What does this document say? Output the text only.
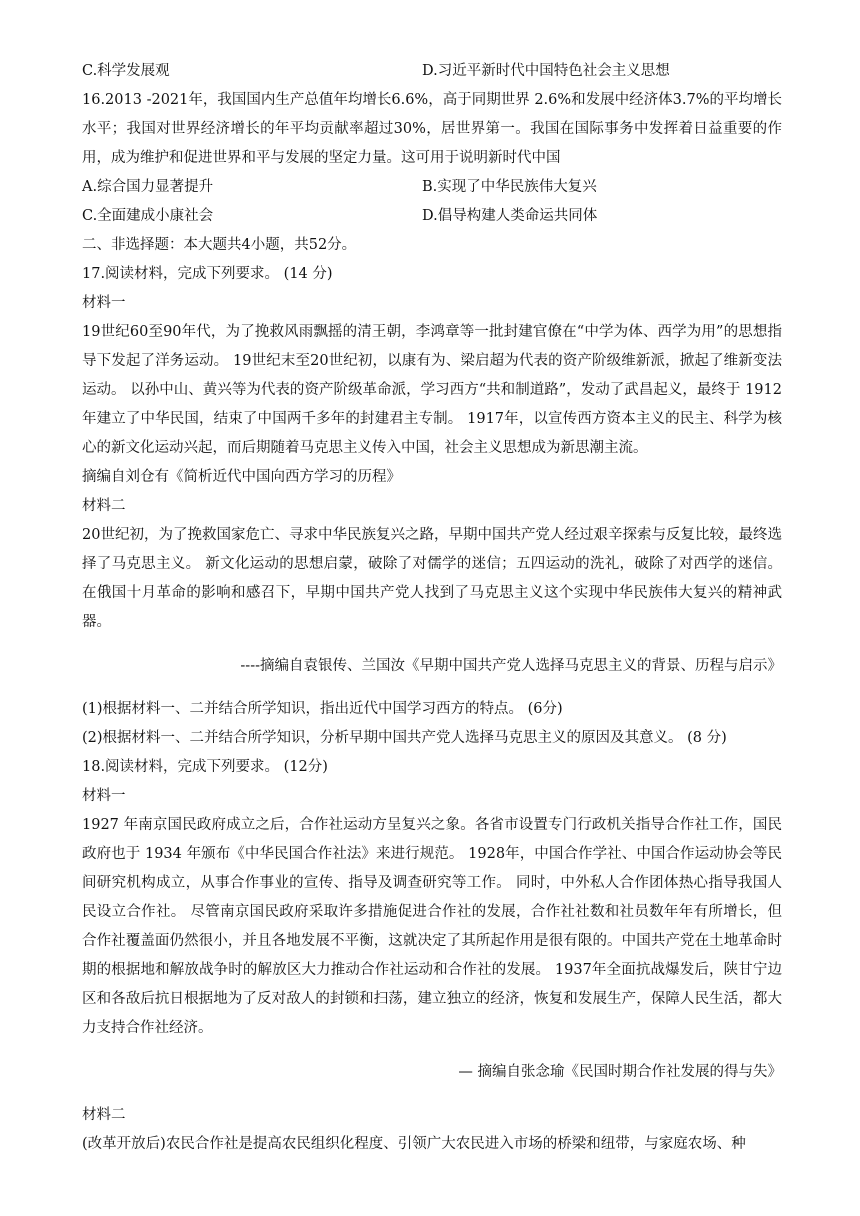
C.科学发展观	D.习近平新时代中国特色社会主义思想

16.2013 -2021年，我国国内生产总值年均增长6.6%，高于同期世界 2.6%和发展中经济体3.7%的平均增长水平；我国对世界经济增长的年平均贡献率超过30%，居世界第一。我国在国际事务中发挥着日益重要的作用，成为维护和促进世界和平与发展的坚定力量。这可用于说明新时代中国

A.综合国力显著提升	B.实现了中华民族伟大复兴
C.全面建成小康社会	D.倡导构建人类命运共同体

二、非选择题：本大题共4小题，共52分。

17.阅读材料，完成下列要求。 (14 分)

材料一

19世纪60至90年代，为了挽救风雨飘摇的清王朝，李鸿章等一批封建官僚在“中学为体、西学为用”的思想指导下发起了洋务运动。 19世纪末至20世纪初，以康有为、梁启超为代表的资产阶级维新派，掀起了维新变法运动。 以孙中山、黄兴等为代表的资产阶级革命派，学习西方“共和制道路”，发动了武昌起义，最终于 1912 年建立了中华民国，结束了中国两千多年的封建君主专制。 1917年，以宣传西方资本主义的民主、科学为核心的新文化运动兴起，而后期随着马克思主义传入中国，社会主义思想成为新思潮主流。

摘编自刘仓有《简析近代中国向西方学习的历程》

材料二

20世纪初，为了挽救国家危亡、寻求中华民族复兴之路，早期中国共产党人经过艰辛探索与反复比较，最终选择了马克思主义。 新文化运动的思想启蒙，破除了对儒学的迷信；五四运动的洗礼，破除了对西学的迷信。在俄国十月革命的影响和感召下，早期中国共产党人找到了马克思主义这个实现中华民族伟大复兴的精神武器。

----摘编自袁银传、兰国汝《早期中国共产党人选择马克思主义的背景、历程与启示》

(1)根据材料一、二并结合所学知识，指出近代中国学习西方的特点。 (6分)

(2)根据材料一、二并结合所学知识，分析早期中国共产党人选择马克思主义的原因及其意义。 (8 分)

18.阅读材料，完成下列要求。 (12分)

材料一

1927 年南京国民政府成立之后，合作社运动方呈复兴之象。各省市设置专门行政机关指导合作社工作，国民政府也于 1934 年颁布《中华民国合作社法》来进行规范。 1928年，中国合作学社、中国合作运动协会等民间研究机构成立，从事合作事业的宣传、指导及调查研究等工作。 同时，中外私人合作团体热心指导我国人民设立合作社。 尽管南京国民政府采取许多措施促进合作社的发展，合作社社数和社员数年年有所增长，但合作社覆盖面仍然很小，并且各地发展不平衡，这就决定了其所起作用是很有限的。中国共产党在土地革命时期的根据地和解放战争时的解放区大力推动合作社运动和合作社的发展。 1937年全面抗战爆发后，陕甘宁边区和各敌后抗日根据地为了反对敌人的封锁和扫荡，建立独立的经济，恢复和发展生产，保障人民生活，都大力支持合作社经济。

— 摘编自张念瑜《民国时期合作社发展的得与失》

材料二

(改革开放后)农民合作社是提高农民组织化程度、引领广大农民进入市场的桥梁和纽带，与家庭农场、种
